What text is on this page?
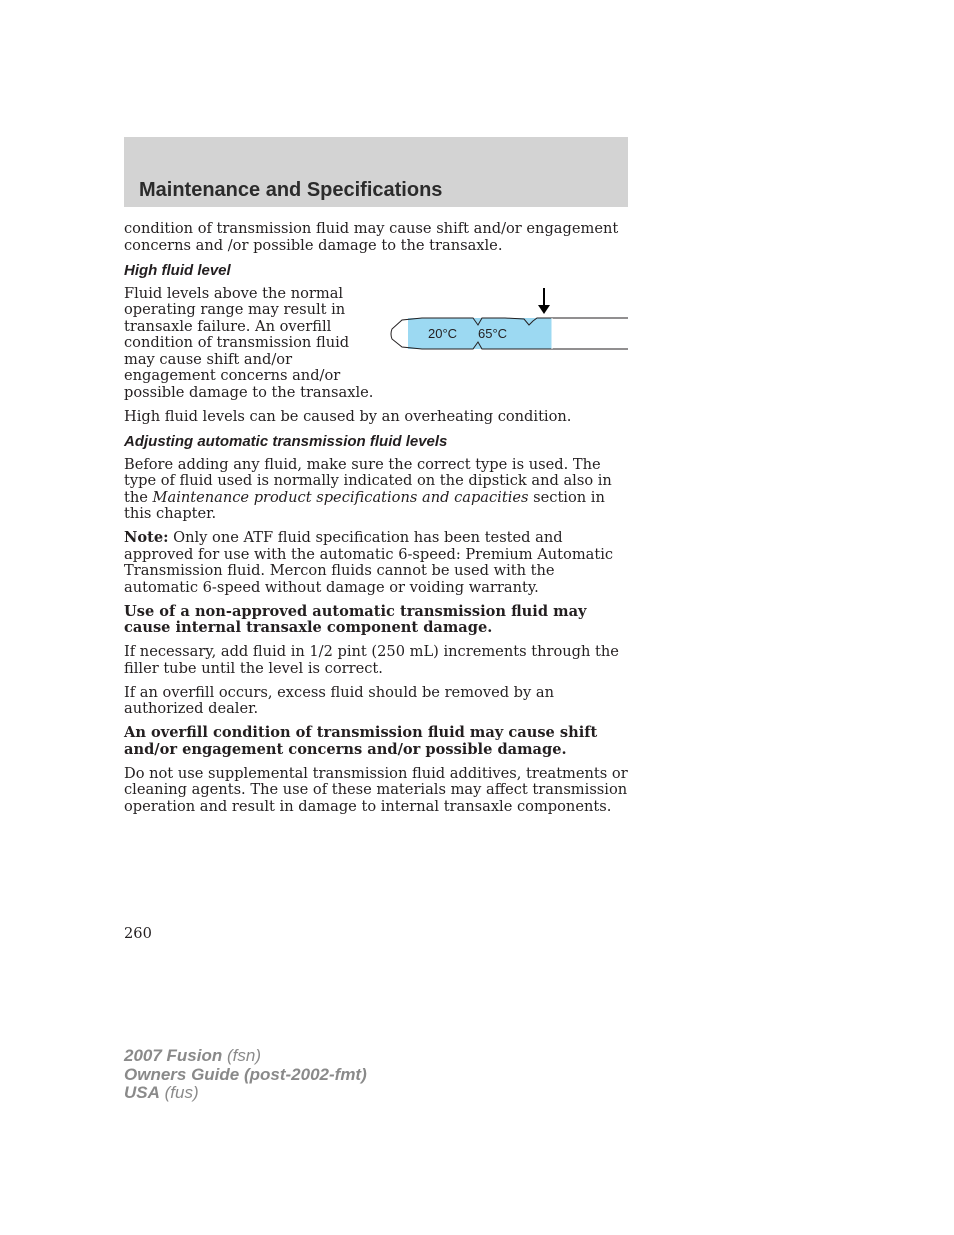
Maintenance and Specifications

condition of transmission fluid may cause shift and/or engagement concerns and /or possible damage to the transaxle.

High fluid level

Fluid levels above the normal operating range may result in transaxle failure. An overfill condition of transmission fluid may cause shift and/or engagement concerns and/or possible damage to the transaxle.

20°C 65°C

High fluid levels can be caused by an overheating condition.

Adjusting automatic transmission fluid levels

Before adding any fluid, make sure the correct type is used. The type of fluid used is normally indicated on the dipstick and also in the Maintenance product specifications and capacities section in this chapter.

Note: Only one ATF fluid specification has been tested and approved for use with the automatic 6-speed: Premium Automatic Transmission fluid. Mercon fluids cannot be used with the automatic 6-speed without damage or voiding warranty.

Use of a non-approved automatic transmission fluid may cause internal transaxle component damage.

If necessary, add fluid in 1/2 pint (250 mL) increments through the filler tube until the level is correct.

If an overfill occurs, excess fluid should be removed by an authorized dealer.

An overfill condition of transmission fluid may cause shift and/or engagement concerns and/or possible damage.

Do not use supplemental transmission fluid additives, treatments or cleaning agents. The use of these materials may affect transmission operation and result in damage to internal transaxle components.

260
2007 Fusion (fsn)
Owners Guide (post-2002-fmt)
USA (fus)
